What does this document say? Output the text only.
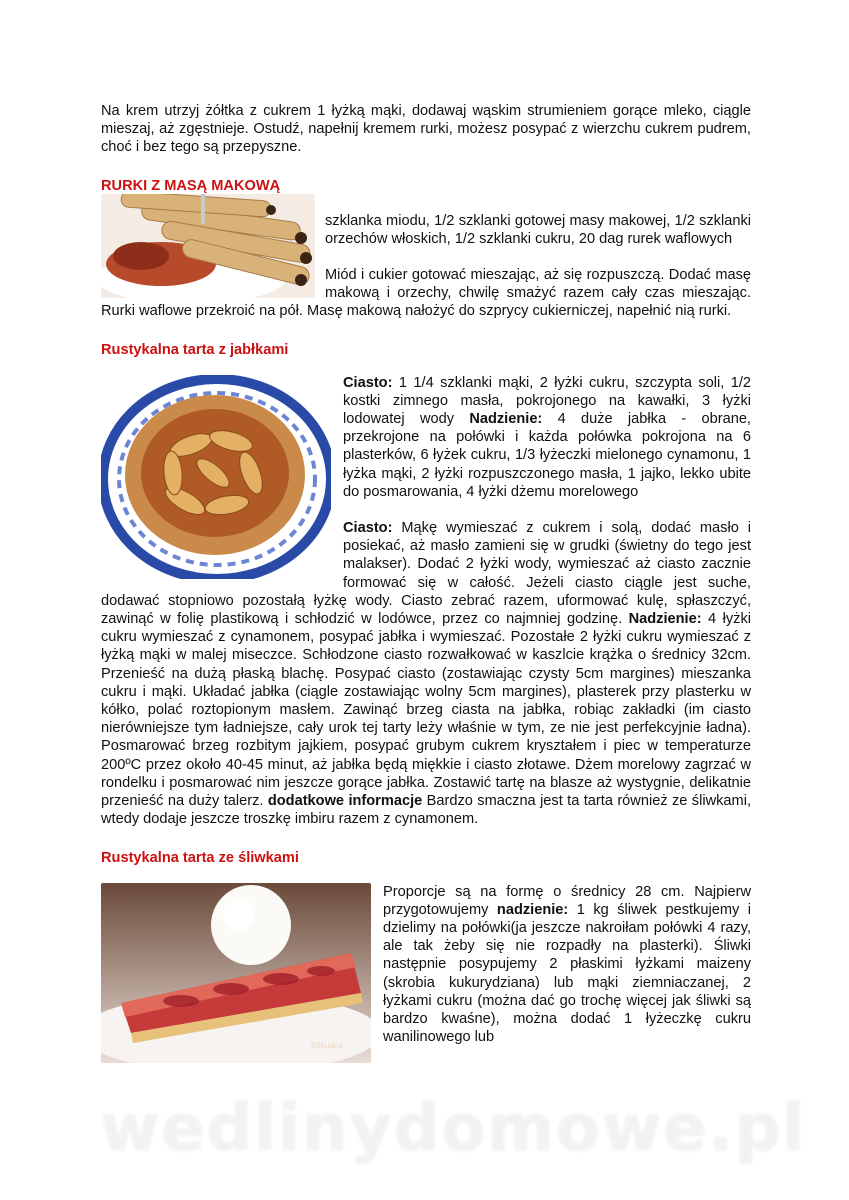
Na krem utrzyj żółtka z cukrem 1 łyżką mąki, dodawaj wąskim strumieniem gorące mleko, ciągle mieszaj, aż zgęstnieje. Ostudź, napełnij kremem rurki, możesz posypać z wierzchu cukrem pudrem, choć i bez tego są przepyszne.

RURKI Z MASĄ MAKOWĄ

szklanka miodu, 1/2 szklanki gotowej masy makowej, 1/2 szklanki orzechów włoskich, 1/2 szklanki cukru, 20 dag rurek waflowych

Miód i cukier gotować mieszając, aż się rozpuszczą. Dodać masę makową i orzechy, chwilę smażyć razem cały czas mieszając. Rurki waflowe przekroić na pół. Masę makową nałożyć do szprycy cukierniczej, napełnić nią rurki.

Rustykalna tarta z jabłkami

Ciasto: 1 1/4 szklanki mąki, 2 łyżki cukru, szczypta soli, 1/2 kostki zimnego masła, pokrojonego na kawałki, 3 łyżki lodowatej wody Nadzienie: 4 duże jabłka - obrane, przekrojone na połówki i każda połówka pokrojona na 6 plasterków, 6 łyżek cukru, 1/3 łyżeczki mielonego cynamonu, 1 łyżka mąki, 2 łyżki rozpuszczonego masła, 1 jajko, lekko ubite do posmarowania, 4 łyżki dżemu morelowego

Ciasto: Mąkę wymieszać z cukrem i solą, dodać masło i posiekać, aż masło zamieni się w grudki (świetny do tego jest malakser). Dodać 2 łyżki wody, wymieszać aż ciasto zacznie formować się w całość. Jeżeli ciasto ciągle jest suche, dodawać stopniowo pozostałą łyżkę wody. Ciasto zebrać razem, uformować kulę, spłaszczyć, zawinąć w folię plastikową i schłodzić w lodówce, przez co najmniej godzinę. Nadzienie: 4 łyżki cukru wymieszać z cynamonem, posypać jabłka i wymieszać. Pozostałe 2 łyżki cukru wymieszać z łyżką mąki w malej miseczce. Schłodzone ciasto rozwałkować w kaszlcie krążka o średnicy 32cm. Przenieść na dużą płaską blachę. Posypać ciasto (zostawiając czysty 5cm margines) mieszanka cukru i mąki. Układać jabłka (ciągle zostawiając wolny 5cm margines), plasterek przy plasterku w kółko, polać roztopionym masłem. Zawinąć brzeg ciasta na jabłka, robiąc zakładki (im ciasto nierówniejsze tym ładniejsze, cały urok tej tarty leży właśnie w tym, ze nie jest perfekcyjnie ładna). Posmarować brzeg rozbitym jajkiem, posypać grubym cukrem kryształem i piec w temperaturze 200ºC przez około 40-45 minut, aż jabłka będą miękkie i ciasto złotawe. Dżem morelowy zagrzać w rondelku i posmarować nim jeszcze gorące jabłka. Zostawić tartę na blasze aż wystygnie, delikatnie przenieść na duży talerz. dodatkowe informacje Bardzo smaczna jest ta tarta również ze śliwkami, wtedy dodaje jeszcze troszkę imbiru razem z cynamonem.

Rustykalna tarta ze śliwkami

©zkuana

Proporcje są na formę o średnicy 28 cm. Najpierw przygotowujemy nadzienie: 1 kg śliwek pestkujemy i dzielimy na połówki(ja jeszcze nakroiłam połówki 4 razy, ale tak żeby się nie rozpadły na plasterki). Śliwki następnie posypujemy 2 płaskimi łyżkami maizeny (skrobia kukurydziana) lub mąki ziemniaczanej, 2 łyżkami cukru (można dać go trochę więcej jak śliwki są bardzo kwaśne), można dodać 1 łyżeczkę cukru wanilinowego lub

wedlinydomowe.pl
